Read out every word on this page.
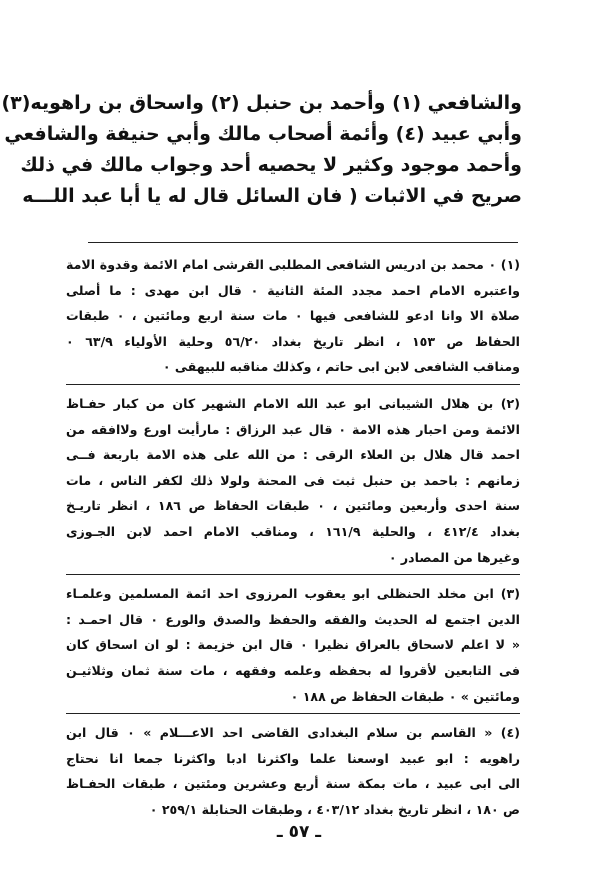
والشافعي (١) وأحمد بن حنبل (٢) واسحاق بن راهويه(٣)
وأبي عبيد (٤) وأئمة أصحاب مالك وأبي حنيفة والشافعي
وأحمد موجود وكثير لا يحصيه أحد وجواب مالك في ذلك
صريح في الاثبات ( فان السائل قال له يا أبا عبد اللـــه
(١) ٠ محمد بن ادريس الشافعى المطلبى القرشى امام الائمة وقدوة الامة
واعتبره الامام احمد مجدد المئة الثانية ٠ قال ابن مهدى : ما أصلى
صلاة الا وانا ادعو للشافعى فيها ٠ مات سنة اربع ومائتين ، ٠ طبقات
الحفاظ ص ١٥٣ ، انظر تاريخ بغداد ٥٦/٢٠ وحلية الأولياء ٦٣/٩ ٠
ومناقب الشافعى لابن ابى حاتم ، وكذلك مناقبه للبيهقى ٠
(٢) بن هلال الشيبانى ابو عبد الله الامام الشهير كان من كبار حفـاظ
الائمة ومن احبار هذه الامة ٠ قال عبد الرزاق : مارأيت اورع ولاافقه من
احمد قال هلال بن العلاء الرقى : من الله على هذه الامة باربعة فــى
زمانهم : باحمد بن حنبل ثبت فى المحنة ولولا ذلك لكفر الناس ، مات
سنة احدى وأربعين ومائتين ، ٠ طبقات الحفاظ ص ١٨٦ ، انظر تاريـخ
بغداد ٤١٢/٤ ، والحلية ١٦١/٩ ، ومناقب الامام احمد لابن الجـوزى
وغيرها من المصادر ٠
(٣) ابن مخلد الحنظلى ابو يعقوب المرزوى احد ائمة المسلمين وعلمـاء
الدين اجتمع له الحديث والفقه والحفظ والصدق والورع ٠ قال احمـد :
« لا اعلم لاسحاق بالعراق نظيرا ٠ قال ابن خزيمة : لو ان اسحاق كان
فى التابعين لأقروا له بحفظه وعلمه وفقهه ، مات سنة ثمان وثلاثيـن
ومائتين » ٠ طبقات الحفاظ ص ١٨٨ ٠
(٤) « القاسم بن سلام البغدادى القاضى احد الاعـــلام » ٠ قال ابن
راهويه : ابو عبيد اوسعنا علما واكثرنا ادبا واكثرنا جمعا انا نحتاج
الى ابى عبيد ، مات بمكة سنة أربع وعشرين ومئتين ، طبقات الحفـاظ
ص ١٨٠ ، انظر تاريخ بغداد ٤٠٣/١٢ ، وطبقات الحنابلة ٢٥٩/١ ٠
ـ ٥٧ ـ
